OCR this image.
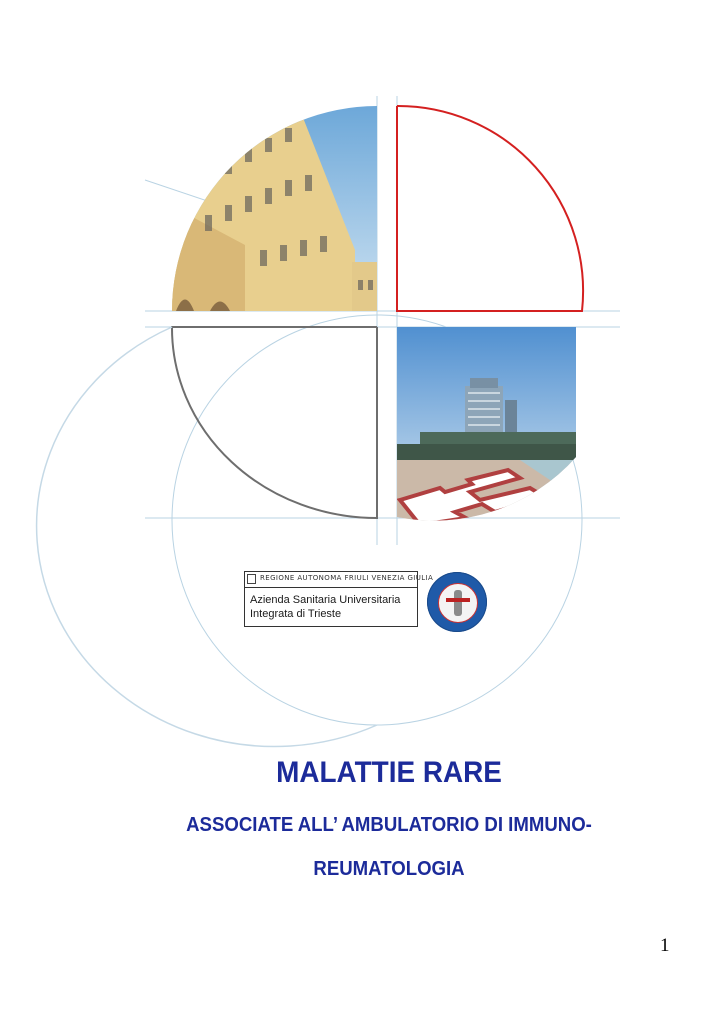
REGIONE AUTONOMA FRIULI VENEZIA GIULIA
Azienda Sanitaria Universitaria
Integrata di Trieste
MALATTIE RARE
ASSOCIATE ALL’ AMBULATORIO DI IMMUNO-
REUMATOLOGIA
1
